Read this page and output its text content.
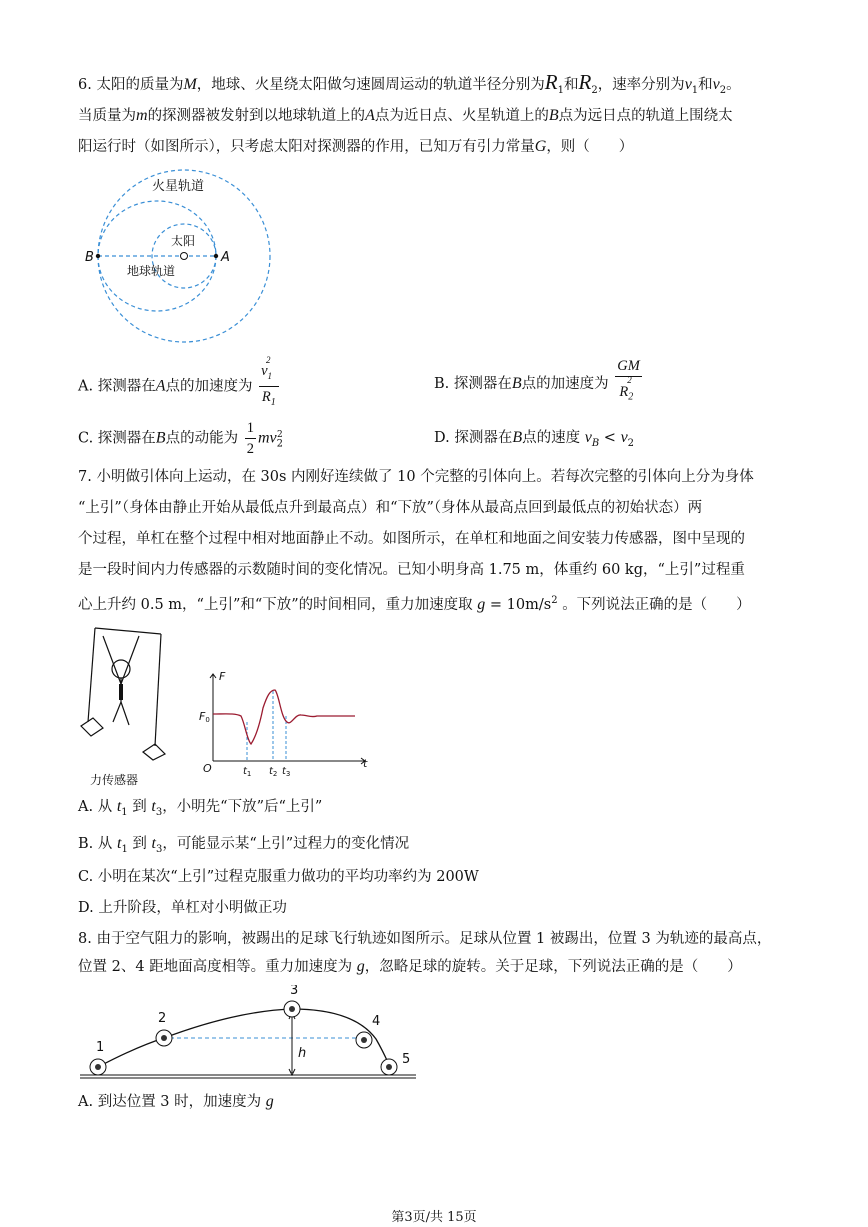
6. 太阳的质量为M，地球、火星绕太阳做匀速圆周运动的轨道半径分别为$R_1$和$R_2$，速率分别为$v_1$和$v_2$。
当质量为m的探测器被发射到以地球轨道上的A点为近日点、火星轨道上的B点为远日点的轨道上围绕太
阳运行时（如图所示），只考虑太阳对探测器的作用，已知万有引力常量G，则（　　）
火星轨道
太阳
地球轨道
B	A
A. 探测器在A点的加速度为 $\frac{v_1^2}{R_1}$	B. 探测器在B点的加速度为 $\frac{GM}{R_2^2}$
C. 探测器在B点的动能为 $\frac{1}{2} mv_2^2$	D. 探测器在B点的速度 $v_B < v_2$
7. 小明做引体向上运动，在 30s 内刚好连续做了 10 个完整的引体向上。若每次完整的引体向上分为身体
“上引”（身体由静止开始从最低点升到最高点）和“下放”（身体从最高点回到最低点的初始状态）两
个过程，单杠在整个过程中相对地面静止不动。如图所示，在单杠和地面之间安装力传感器，图中呈现的
是一段时间内力传感器的示数随时间的变化情况。已知小明身高 1.75 m，体重约 60 kg，“上引”过程重
心上升约 0.5 m，“上引”和“下放”的时间相同，重力加速度取 $g = 10m/s^2$ 。下列说法正确的是（　　）
力传感器
F
F0
O	t
$t_1$ $t_2$ $t_3$
A. 从 $t_1$ 到 $t_3$，小明先“下放”后“上引”
B. 从 $t_1$ 到 $t_3$，可能显示某“上引”过程力的变化情况
C. 小明在某次“上引”过程克服重力做功的平均功率约为 200W
D. 上升阶段，单杠对小明做正功
8. 由于空气阻力的影响，被踢出的足球飞行轨迹如图所示。足球从位置 1 被踢出，位置 3 为轨迹的最高点，
位置 2、4 距地面高度相等。重力加速度为 g，忽略足球的旋转。关于足球，下列说法正确的是（　　）
1
2
3
4
5
h
A. 到达位置 3 时，加速度为 g
第3页/共 15页
